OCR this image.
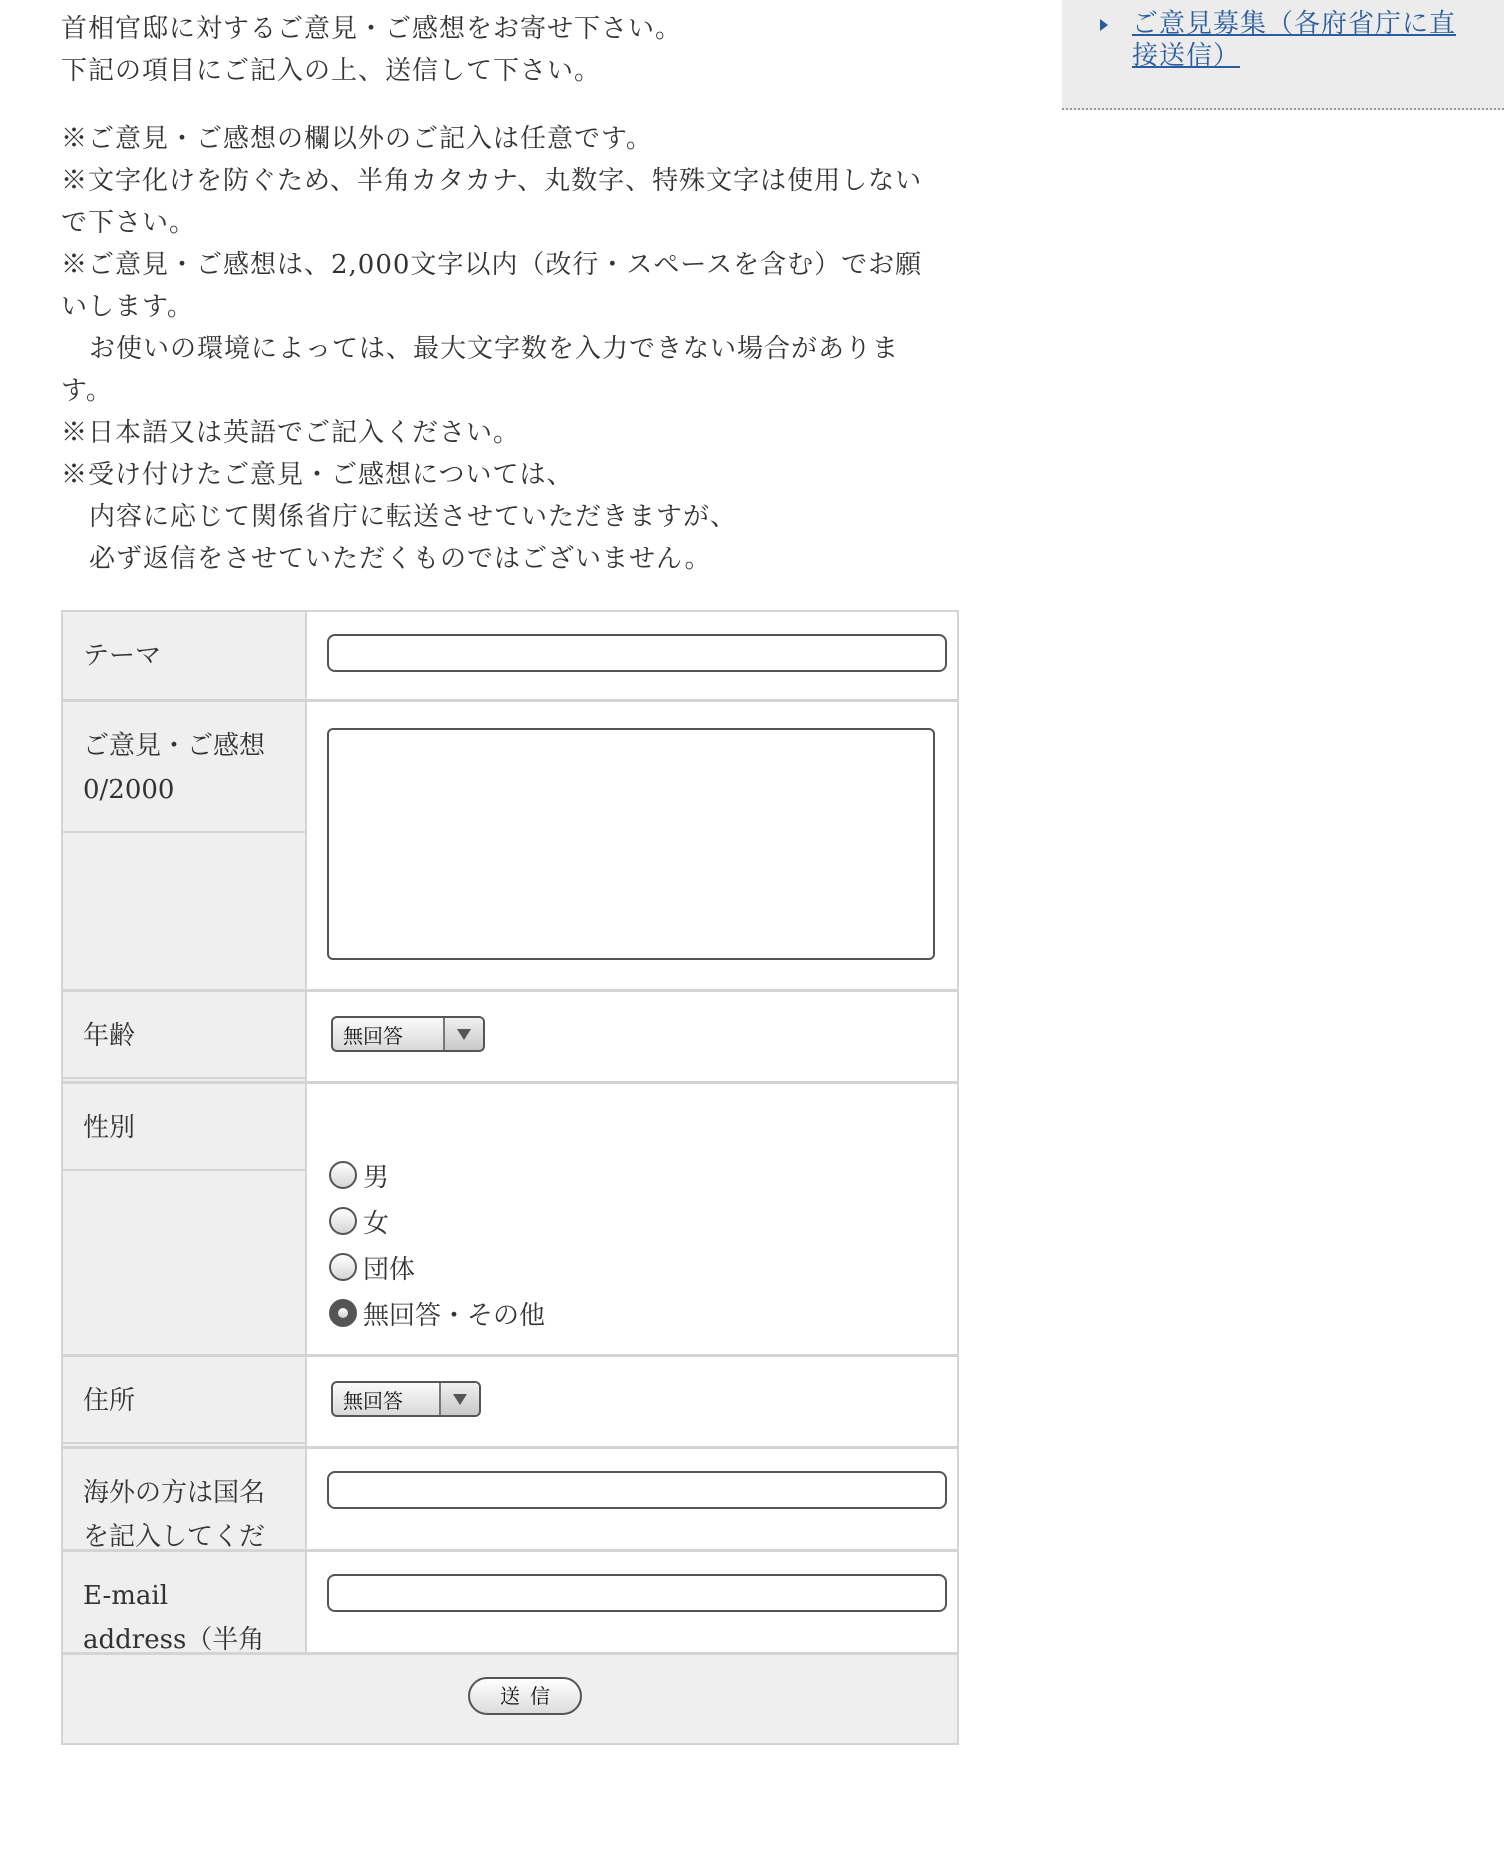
首相官邸に対するご意見・ご感想をお寄せ下さい。

下記の項目にご記入の上、送信して下さい。

※ご意見・ご感想の欄以外のご記入は任意です。

※文字化けを防ぐため、半角カタカナ、丸数字、特殊文字は使用しない

で下さい。

※ご意見・ご感想は、2,000文字以内（改行・スペースを含む）でお願

いします。

お使いの環境によっては、最大文字数を入力できない場合がありま

す。

※日本語又は英語でご記入ください。

※受け付けたご意見・ご感想については、

内容に応じて関係省庁に転送させていただきますが、

必ず返信をさせていただくものではございません。

ご意見募集（各府省庁に直
接送信）
テーマ
ご意見・ご感想
0/2000
年齢	無回答
性別
男
女
団体
無回答・その他
住所	無回答
海外の方は国名
を記入してくだ
E-mail
address（半角
送信
